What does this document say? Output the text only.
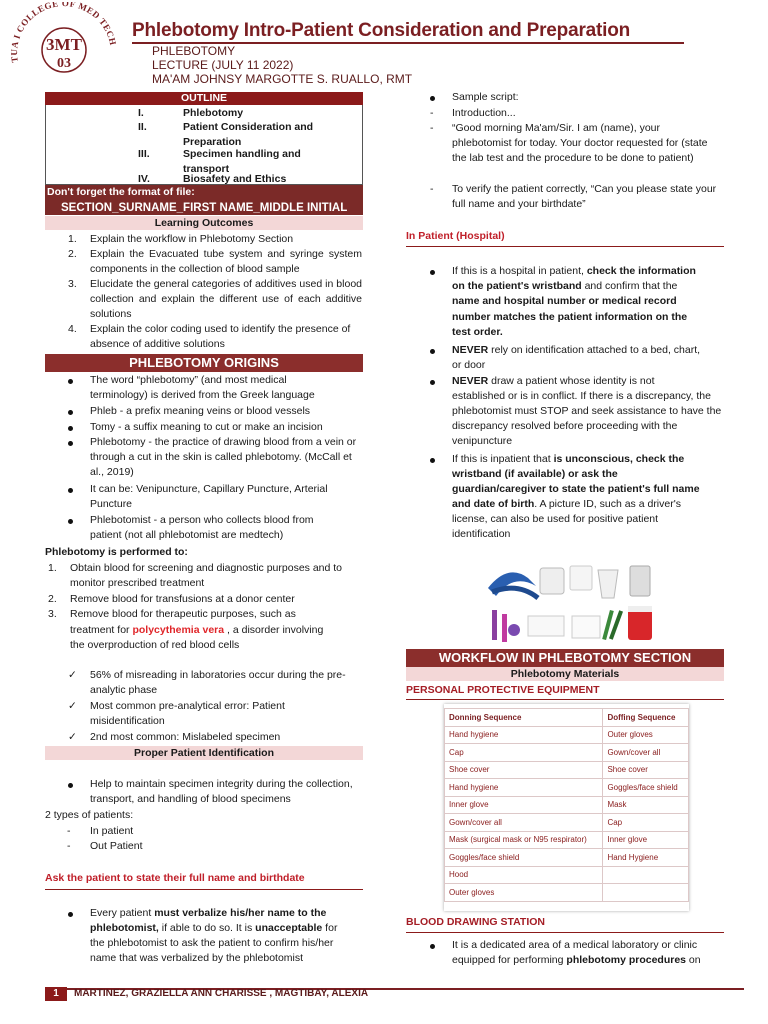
TUA I COLLEGE OF MED TECH
3MT
03
Phlebotomy Intro-Patient Consideration and Preparation
PHLEBOTOMY
LECTURE (JULY 11 2022)
MA'AM JOHNSY MARGOTTE S. RUALLO, RMT
OUTLINE
I.	Phlebotomy
II.	Patient Consideration and Preparation
III.	Specimen handling and transport
IV.	Biosafety and Ethics
Don't forget the format of file:
SECTION_SURNAME_FIRST NAME_MIDDLE INITIAL
Learning Outcomes
1. Explain the workflow in Phlebotomy Section
2. Explain the Evacuated tube system and syringe system components in the collection of blood sample
3. Elucidate the general categories of additives used in blood collection and explain the different use of each additive solutions
4. Explain the color coding used to identify the presence of absence of additive solutions
PHLEBOTOMY ORIGINS
The word “phlebotomy” (and most medical terminology) is derived from the Greek language
Phleb - a prefix meaning veins or blood vessels
Tomy - a suffix meaning to cut or make an incision
Phlebotomy - the practice of drawing blood from a vein or through a cut in the skin is called phlebotomy. (McCall et al., 2019)
It can be: Venipuncture, Capillary Puncture, Arterial Puncture
Phlebotomist - a person who collects blood from patient (not all phlebotomist are medtech)
Phlebotomy is performed to:
1. Obtain blood for screening and diagnostic purposes and to monitor prescribed treatment
2. Remove blood for transfusions at a donor center
3. Remove blood for therapeutic purposes, such as
treatment for polycythemia vera , a disorder involving
the overproduction of red blood cells
✓ 56% of misreading in laboratories occur during the pre-analytic phase
✓ Most common pre-analytical error: Patient misidentification
✓ 2nd most common: Mislabeled specimen
Proper Patient Identification
Help to maintain specimen integrity during the collection, transport, and handling of blood specimens
2 types of patients:
- In patient
- Out Patient
Ask the patient to state their full name and birthdate
Every patient must verbalize his/her name to the
phlebotomist, if able to do so. It is unacceptable for
the phlebotomist to ask the patient to confirm his/her
name that was verbalized by the phlebotomist
Sample script:
- Introduction...
- “Good morning Ma'am/Sir. I am (name), your phlebotomist for today. Your doctor requested for (state the lab test and the procedure to be done to patient)
- To verify the patient correctly, “Can you please state your full name and your birthdate”
In Patient (Hospital)
If this is a hospital in patient, check the information
on the patient's wristband and confirm that the
name and hospital number or medical record
number matches the patient information on the
test order.
NEVER rely on identification attached to a bed, chart,
or door
NEVER draw a patient whose identity is not
established or is in conflict. If there is a discrepancy, the phlebotomist must STOP and seek assistance to have the discrepancy resolved before proceeding with the venipuncture
If this is inpatient that is unconscious, check the
wristband (if available) or ask the
guardian/caregiver to state the patient's full name
and date of birth. A picture ID, such as a driver's
license, can also be used for positive patient
identification
WORKFLOW IN PHLEBOTOMY SECTION
Phlebotomy Materials
PERSONAL PROTECTIVE EQUIPMENT
Donning Sequence	Doffing Sequence
Hand hygiene	Outer gloves
Cap	Gown/cover all
Shoe cover	Shoe cover
Hand hygiene	Goggles/face shield
Inner glove	Mask
Gown/cover all	Cap
Mask (surgical mask or N95 respirator)	Inner glove
Goggles/face shield	Hand Hygiene
Hood	
Outer gloves	
BLOOD DRAWING STATION
It is a dedicated area of a medical laboratory or clinic
equipped for performing phlebotomy procedures on
1	MARTINEZ, GRAZIELLA ANN CHARISSE , MAGTIBAY, ALEXIA
